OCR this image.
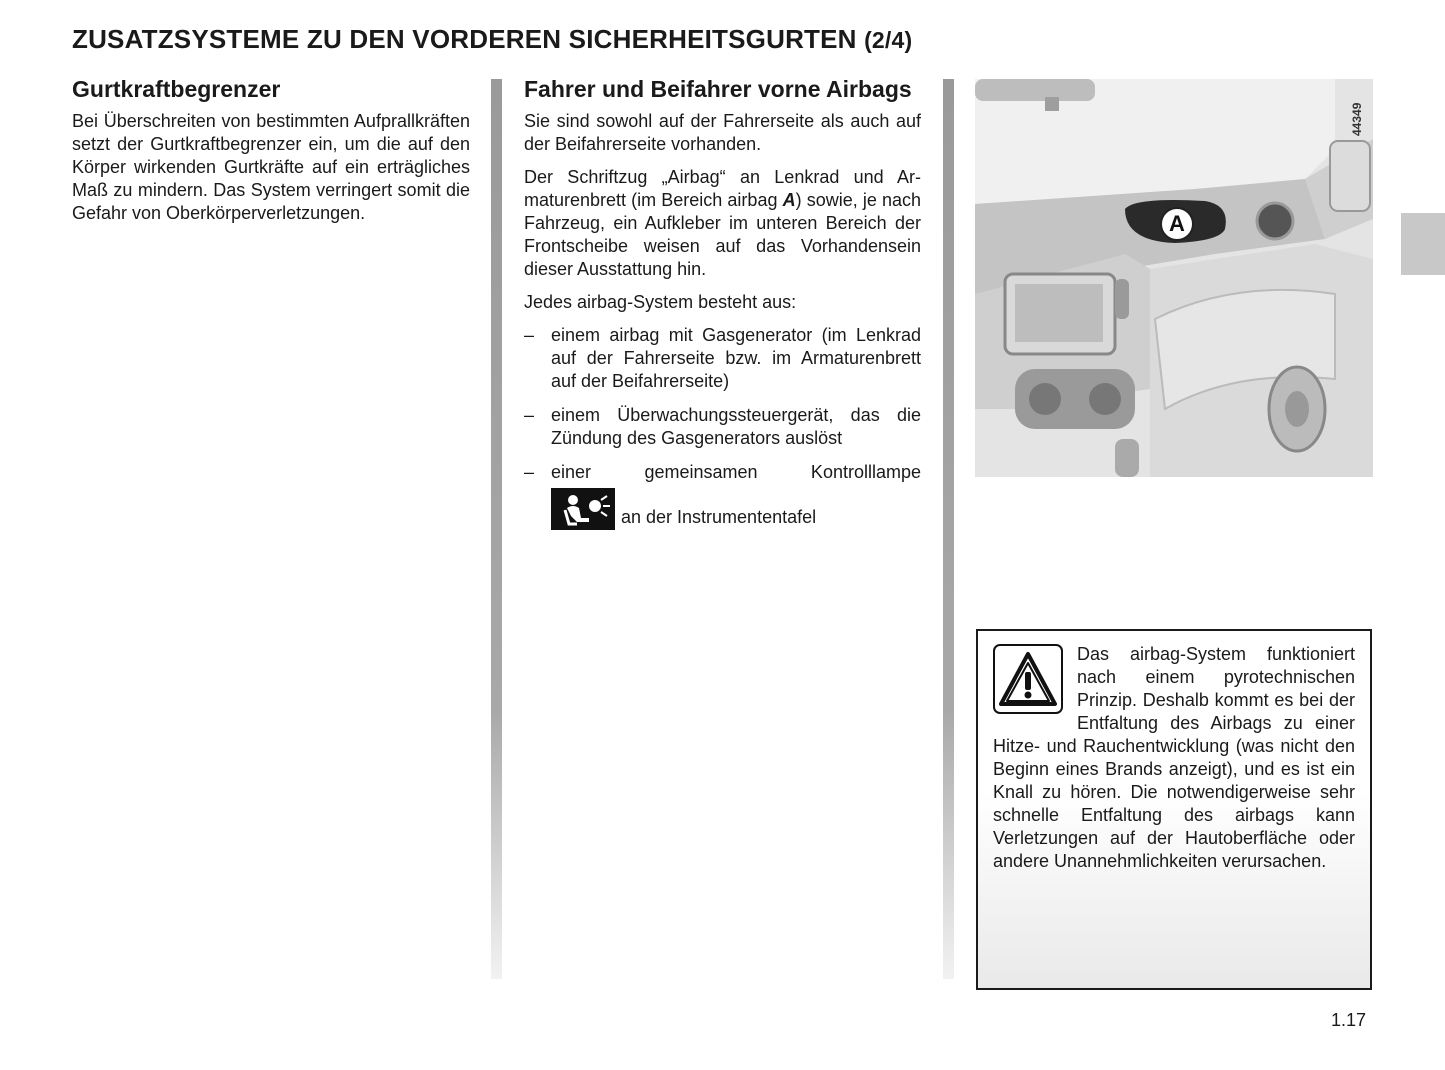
ZUSATZSYSTEME ZU DEN VORDEREN SICHERHEITSGURTEN (2/4)
Gurtkraftbegrenzer

Bei Überschreiten von bestimmten Aufprallkräften setzt der Gurtkraftbegrenzer ein, um die auf den Körper wirkenden Gurtkräfte auf ein erträgliches Maß zu mindern. Das System verringert somit die Gefahr von Oberkörperverletzungen.

Fahrer und Beifahrer vorne Airbags

Sie sind sowohl auf der Fahrerseite als auch auf der Beifahrerseite vorhanden.

Der Schriftzug „Airbag“ an Lenkrad und Armaturenbrett (im Bereich airbag A) sowie, je nach Fahrzeug, ein Aufkleber im unteren Bereich der Frontscheibe weisen auf das Vorhandensein dieser Ausstattung hin.

Jedes airbag-System besteht aus:

– einem airbag mit Gasgenerator (im Lenkrad auf der Fahrerseite bzw. im Armaturenbrett auf der Beifahrerseite)
– einem Überwachungssteuergerät, das die Zündung des Gasgenerators auslöst
– einer gemeinsamen Kontrolllampe
an der Instrumententafel
A
44349

Das airbag-System funktioniert nach einem pyrotechnischen Prinzip. Deshalb kommt es bei der Entfaltung des Airbags zu einer Hitze- und Rauchentwicklung (was nicht den Beginn eines Brands anzeigt), und es ist ein Knall zu hören. Die notwendigerweise sehr schnelle Entfaltung des airbags kann Verletzungen auf der Hautoberfläche oder andere Unannehmlichkeiten verursachen.

1.17
